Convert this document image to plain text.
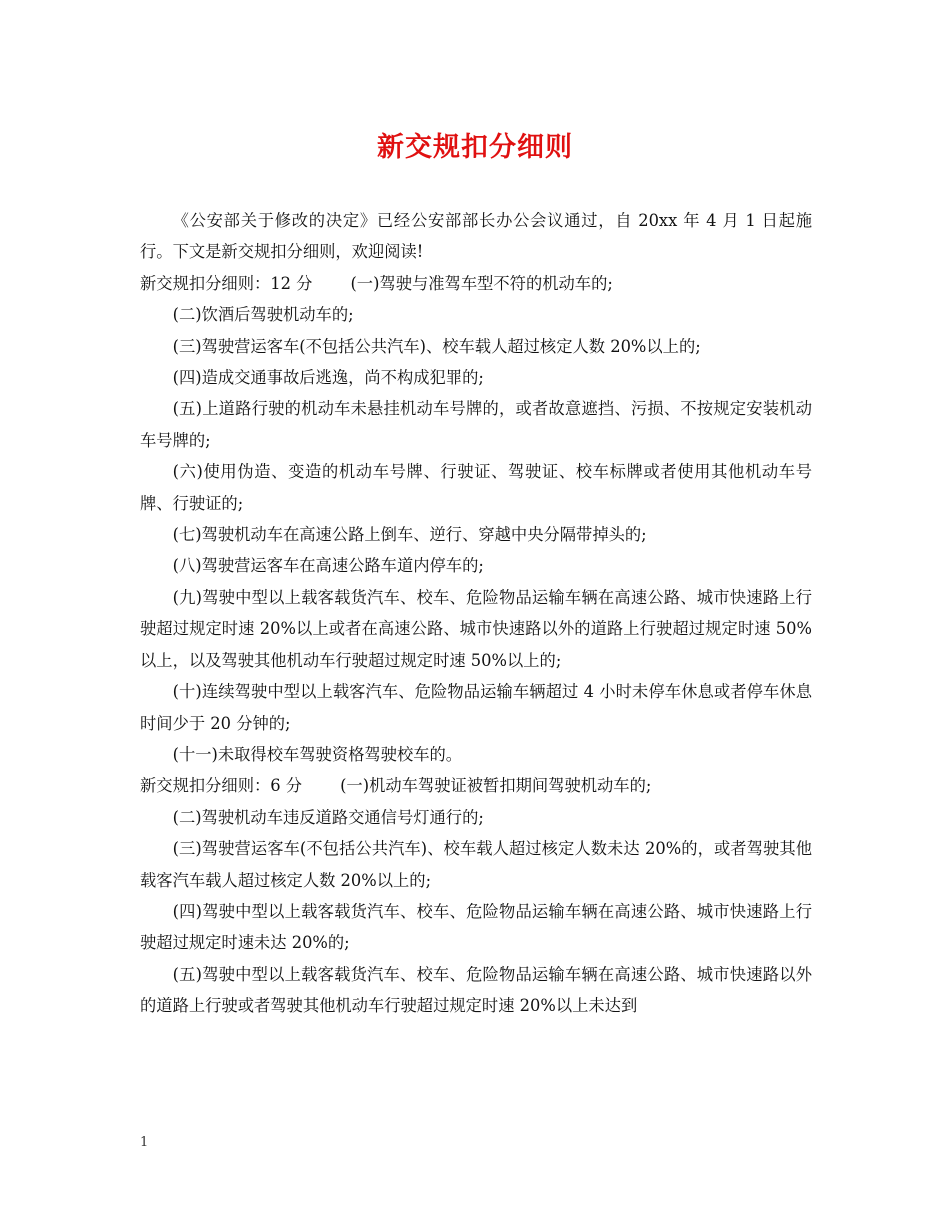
新交规扣分细则

《公安部关于修改的决定》已经公安部部长办公会议通过，自 20xx 年 4 月 1 日起施行。下文是新交规扣分细则，欢迎阅读!

新交规扣分细则：12 分 (一)驾驶与准驾车型不符的机动车的;

(二)饮酒后驾驶机动车的;

(三)驾驶营运客车(不包括公共汽车)、校车载人超过核定人数 20%以上的;

(四)造成交通事故后逃逸，尚不构成犯罪的;

(五)上道路行驶的机动车未悬挂机动车号牌的，或者故意遮挡、污损、不按规定安装机动车号牌的;

(六)使用伪造、变造的机动车号牌、行驶证、驾驶证、校车标牌或者使用其他机动车号牌、行驶证的;

(七)驾驶机动车在高速公路上倒车、逆行、穿越中央分隔带掉头的;

(八)驾驶营运客车在高速公路车道内停车的;

(九)驾驶中型以上载客载货汽车、校车、危险物品运输车辆在高速公路、城市快速路上行驶超过规定时速 20%以上或者在高速公路、城市快速路以外的道路上行驶超过规定时速 50%以上，以及驾驶其他机动车行驶超过规定时速 50%以上的;

(十)连续驾驶中型以上载客汽车、危险物品运输车辆超过 4 小时未停车休息或者停车休息时间少于 20 分钟的;

(十一)未取得校车驾驶资格驾驶校车的。

新交规扣分细则：6 分 (一)机动车驾驶证被暂扣期间驾驶机动车的;

(二)驾驶机动车违反道路交通信号灯通行的;

(三)驾驶营运客车(不包括公共汽车)、校车载人超过核定人数未达 20%的，或者驾驶其他载客汽车载人超过核定人数 20%以上的;

(四)驾驶中型以上载客载货汽车、校车、危险物品运输车辆在高速公路、城市快速路上行驶超过规定时速未达 20%的;

(五)驾驶中型以上载客载货汽车、校车、危险物品运输车辆在高速公路、城市快速路以外的道路上行驶或者驾驶其他机动车行驶超过规定时速 20%以上未达到

1
